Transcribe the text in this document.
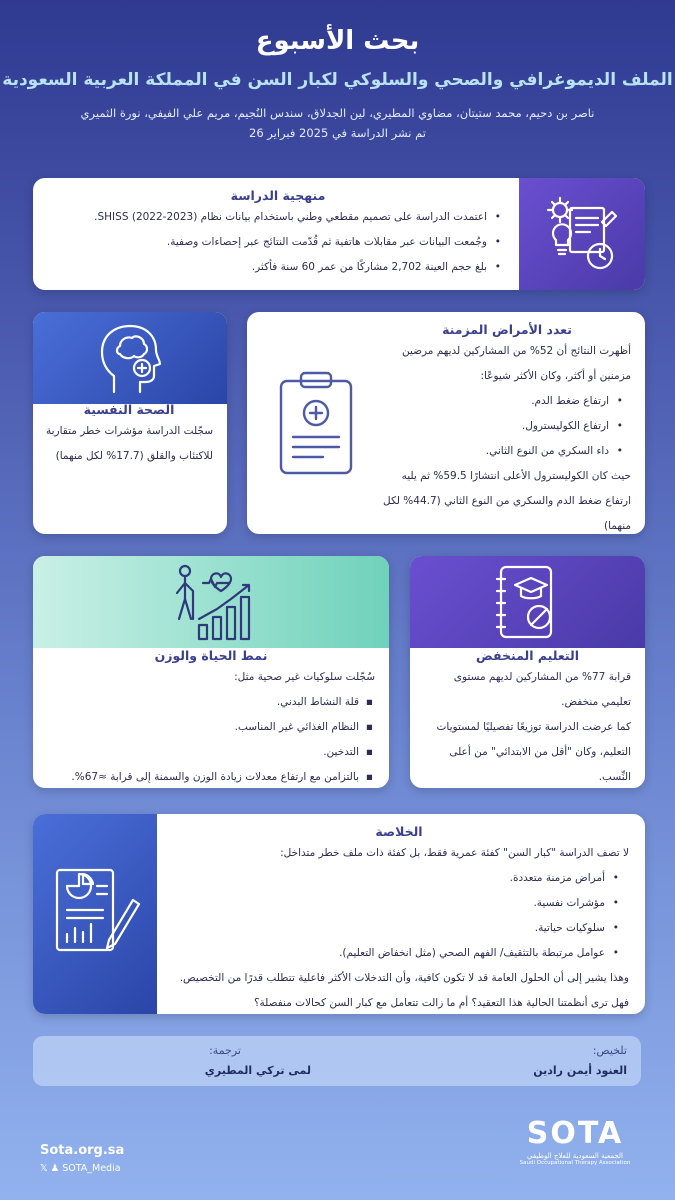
بحث الأسبوع
الملف الديموغرافي والصحي والسلوكي لكبار السن في المملكة العربية السعودية
ناصر بن دحيم، محمد ستيتان، مضاوي المطيري، لين الجدلاق، سندس النُجيم، مريم علي الفيفي، نورة الثميري
تم نشر الدراسة في 2025 فبراير 26
منهجية الدراسة
• اعتمدت الدراسة على تصميم مقطعي وطني باستخدام بيانات نظام (2023-2022) SHISS.
• وجُمعت البيانات عبر مقابلات هاتفية ثم قُدّمت النتائج عبر إحصاءات وصفية.
• بلغ حجم العينة 2,702 مشاركًا من عمر 60 سنة فأكثر.
تعدد الأمراض المزمنة
أظهرت النتائج أن 52% من المشاركين لديهم مرضين مزمنين أو أكثر، وكان الأكثر شيوعًا:
• ارتفاع ضغط الدم.
• ارتفاع الكوليسترول.
• داء السكري من النوع الثاني.
حيث كان الكوليسترول الأعلى انتشارًا 59.5% ثم يليه ارتفاع ضغط الدم والسكري من النوع الثاني (44.7% لكل منهما)
الصحة النفسية
سجّلت الدراسة مؤشرات خطر متقاربة للاكتئاب والقلق (17.7% لكل منهما)
نمط الحياة والوزن
سُجّلت سلوكيات غير صحية مثل:
▪ قلة النشاط البدني.
▪ النظام الغذائي غير المناسب.
▪ التدخين.
▪ بالتزامن مع ارتفاع معدلات زيادة الوزن والسمنة إلى قرابة ≈67%.
التعليم المنخفض
قرابة 77% من المشاركين لديهم مستوى تعليمي منخفض.
كما عرضت الدراسة توزيعًا تفصيليًا لمستويات التعليم، وكان "أقل من الابتدائي" من أعلى النِّسب.
الخلاصة
لا تصف الدراسة "كبار السن" كفئة عمرية فقط، بل كفئة ذات ملف خطر متداخل:
• أمراض مزمنة متعددة.
• مؤشرات نفسية.
• سلوكيات حياتية.
• عوامل مرتبطة بالتثقيف/ الفهم الصحي (مثل انخفاض التعليم).
وهذا يشير إلى أن الحلول العامة قد لا تكون كافية، وأن التدخلات الأكثر فاعلية تتطلب قدرًا من التخصيص. فهل ترى أنظمتنا الحالية هذا التعقيد؟ أم ما زالت تتعامل مع كبار السن كحالات منفصلة؟
تلخيص:
العنود أيمن رادين
ترجمة:
لمى تركي المطيري
Sota.org.sa
𝕏 ♟ SOTA_Media
SOTA
الجمعية السعودية للعلاج الوظيفي
Saudi Occupational Therapy Association
